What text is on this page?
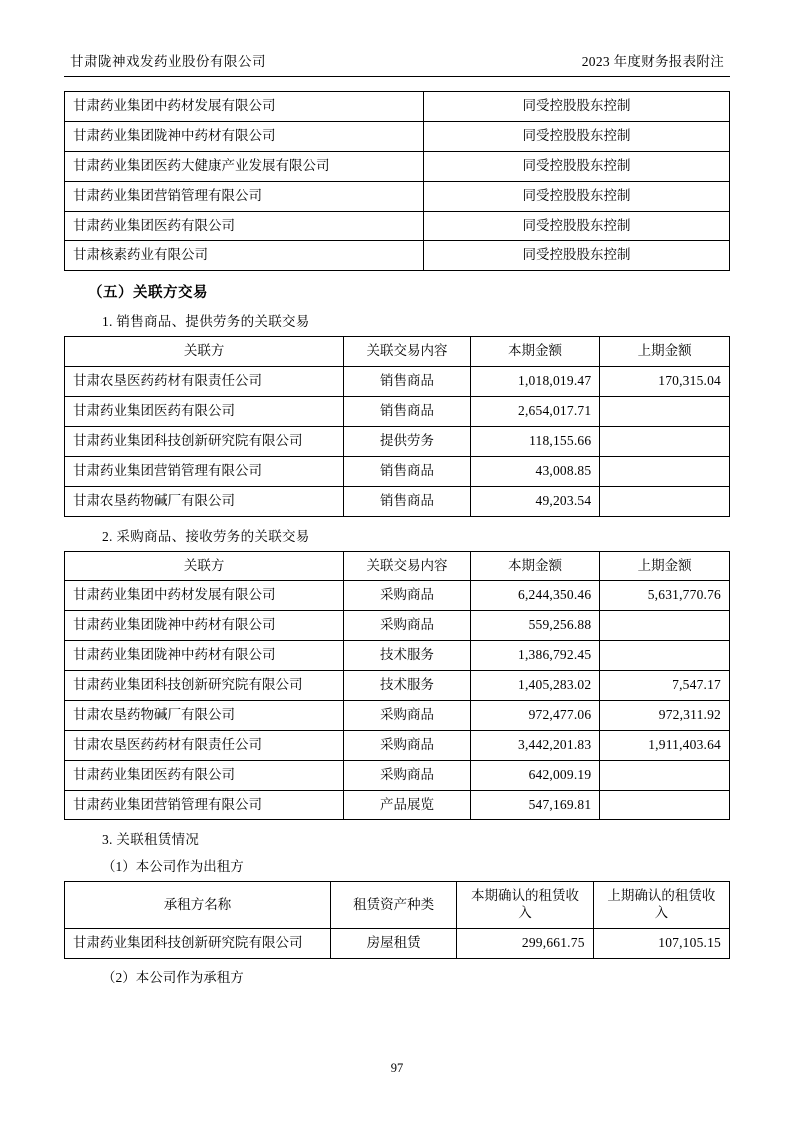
甘肃陇神戏发药业股份有限公司	2023 年度财务报表附注
甘肃药业集团中药材发展有限公司	同受控股股东控制
甘肃药业集团陇神中药材有限公司	同受控股股东控制
甘肃药业集团医药大健康产业发展有限公司	同受控股股东控制
甘肃药业集团营销管理有限公司	同受控股股东控制
甘肃药业集团医药有限公司	同受控股股东控制
甘肃核素药业有限公司	同受控股股东控制
（五）关联方交易
1. 销售商品、提供劳务的关联交易
关联方	关联交易内容	本期金额	上期金额
甘肃农垦医药药材有限责任公司	销售商品	1,018,019.47	170,315.04
甘肃药业集团医药有限公司	销售商品	2,654,017.71	
甘肃药业集团科技创新研究院有限公司	提供劳务	118,155.66	
甘肃药业集团营销管理有限公司	销售商品	43,008.85	
甘肃农垦药物碱厂有限公司	销售商品	49,203.54	
2. 采购商品、接收劳务的关联交易
关联方	关联交易内容	本期金额	上期金额
甘肃药业集团中药材发展有限公司	采购商品	6,244,350.46	5,631,770.76
甘肃药业集团陇神中药材有限公司	采购商品	559,256.88	
甘肃药业集团陇神中药材有限公司	技术服务	1,386,792.45	
甘肃药业集团科技创新研究院有限公司	技术服务	1,405,283.02	7,547.17
甘肃农垦药物碱厂有限公司	采购商品	972,477.06	972,311.92
甘肃农垦医药药材有限责任公司	采购商品	3,442,201.83	1,911,403.64
甘肃药业集团医药有限公司	采购商品	642,009.19	
甘肃药业集团营销管理有限公司	产品展览	547,169.81	
3. 关联租赁情况
（1）本公司作为出租方
承租方名称	租赁资产种类	本期确认的租赁收入	上期确认的租赁收入
甘肃药业集团科技创新研究院有限公司	房屋租赁	299,661.75	107,105.15
（2）本公司作为承租方
97
